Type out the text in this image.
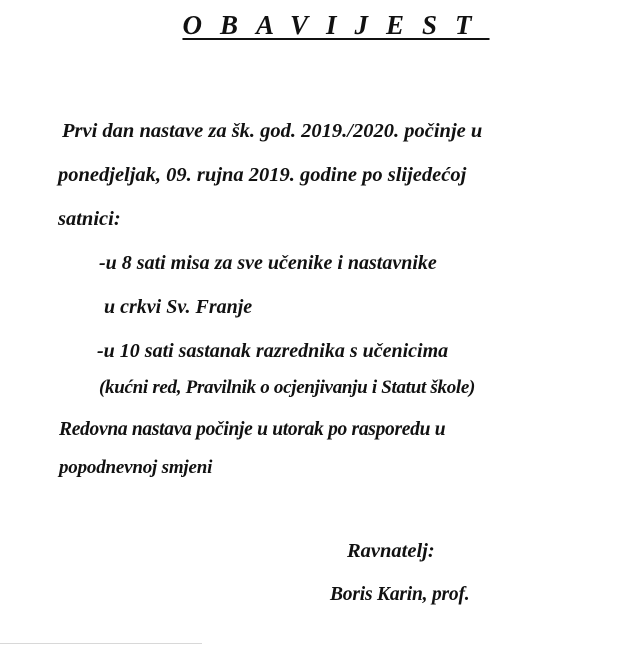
OBAVIJEST
Prvi dan nastave za šk. god. 2019./2020. počinje u
ponedjeljak, 09. rujna 2019. godine po slijedećoj
satnici:
-u 8 sati misa za sve učenike i nastavnike
u crkvi Sv. Franje
-u 10 sati sastanak razrednika s učenicima
(kućni red, Pravilnik o ocjenjivanju i Statut škole)
Redovna nastava počinje u utorak po rasporedu u
popodnevnoj smjeni
Ravnatelj:
Boris Karin, prof.
